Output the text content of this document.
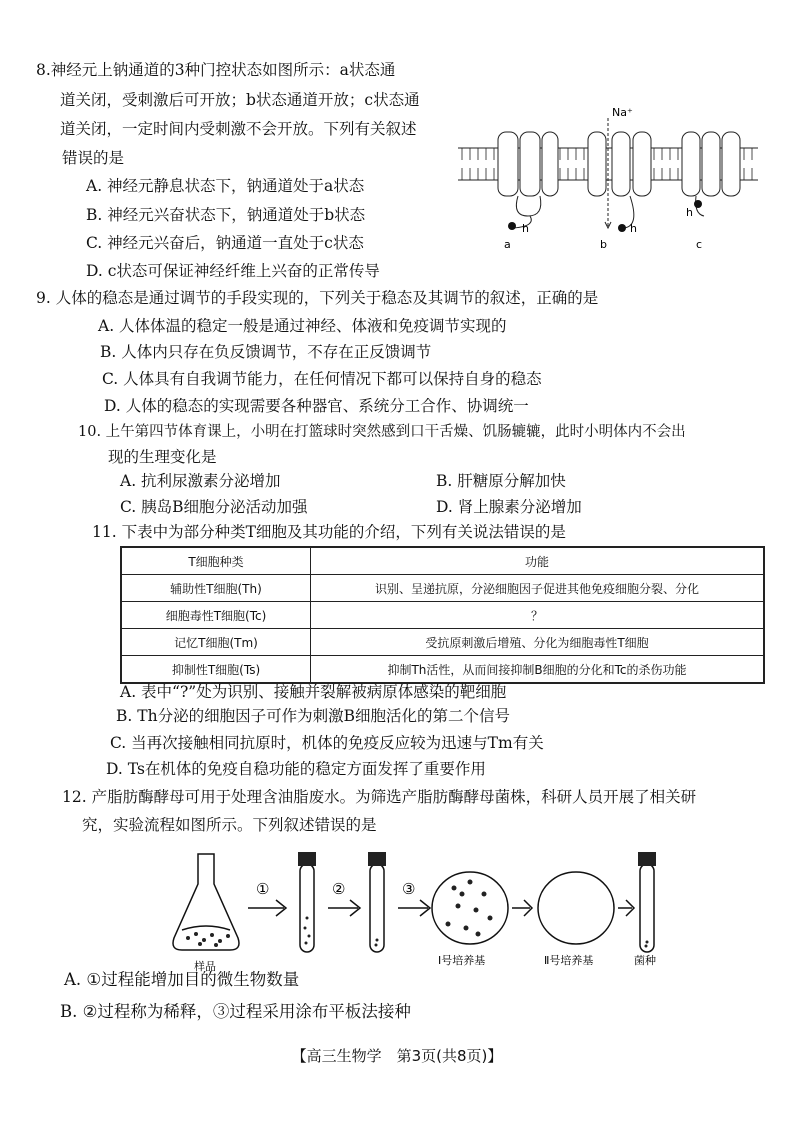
8.神经元上钠通道的3种门控状态如图所示：a状态通
道关闭，受刺激后可开放；b状态通道开放；c状态通
道关闭，一定时间内受刺激不会开放。下列有关叙述
错误的是
A. 神经元静息状态下，钠通道处于a状态
B. 神经元兴奋状态下，钠通道处于b状态
C. 神经元兴奋后，钠通道一直处于c状态
D. c状态可保证神经纤维上兴奋的正常传导
Na⁺
h	h
h
a	b	c
9. 人体的稳态是通过调节的手段实现的，下列关于稳态及其调节的叙述，正确的是
A. 人体体温的稳定一般是通过神经、体液和免疫调节实现的
B. 人体内只存在负反馈调节，不存在正反馈调节
C. 人体具有自我调节能力，在任何情况下都可以保持自身的稳态
D. 人体的稳态的实现需要各种器官、系统分工合作、协调统一
10. 上午第四节体育课上，小明在打篮球时突然感到口干舌燥、饥肠辘辘，此时小明体内不会出
现的生理变化是
A. 抗利尿激素分泌增加	B. 肝糖原分解加快
C. 胰岛B细胞分泌活动加强	D. 肾上腺素分泌增加
11. 下表中为部分种类T细胞及其功能的介绍，下列有关说法错误的是
T细胞种类	功能
辅助性T细胞(Th)	识别、呈递抗原，分泌细胞因子促进其他免疫细胞分裂、分化
细胞毒性T细胞(Tc)	？
记忆T细胞(Tm)	受抗原刺激后增殖、分化为细胞毒性T细胞
抑制性T细胞(Ts)	抑制Th活性，从而间接抑制B细胞的分化和Tc的杀伤功能
A. 表中“?”处为识别、接触并裂解被病原体感染的靶细胞
B. Th分泌的细胞因子可作为刺激B细胞活化的第二个信号
C. 当再次接触相同抗原时，机体的免疫反应较为迅速与Tm有关
D. Ts在机体的免疫自稳功能的稳定方面发挥了重要作用
12. 产脂肪酶酵母可用于处理含油脂废水。为筛选产脂肪酶酵母菌株，科研人员开展了相关研
究，实验流程如图所示。下列叙述错误的是
①	②	③
样品	Ⅰ号培养基	Ⅱ号培养基	菌种
A. ①过程能增加目的微生物数量
B. ②过程称为稀释，③过程采用涂布平板法接种
【高三生物学　第3页(共8页)】
